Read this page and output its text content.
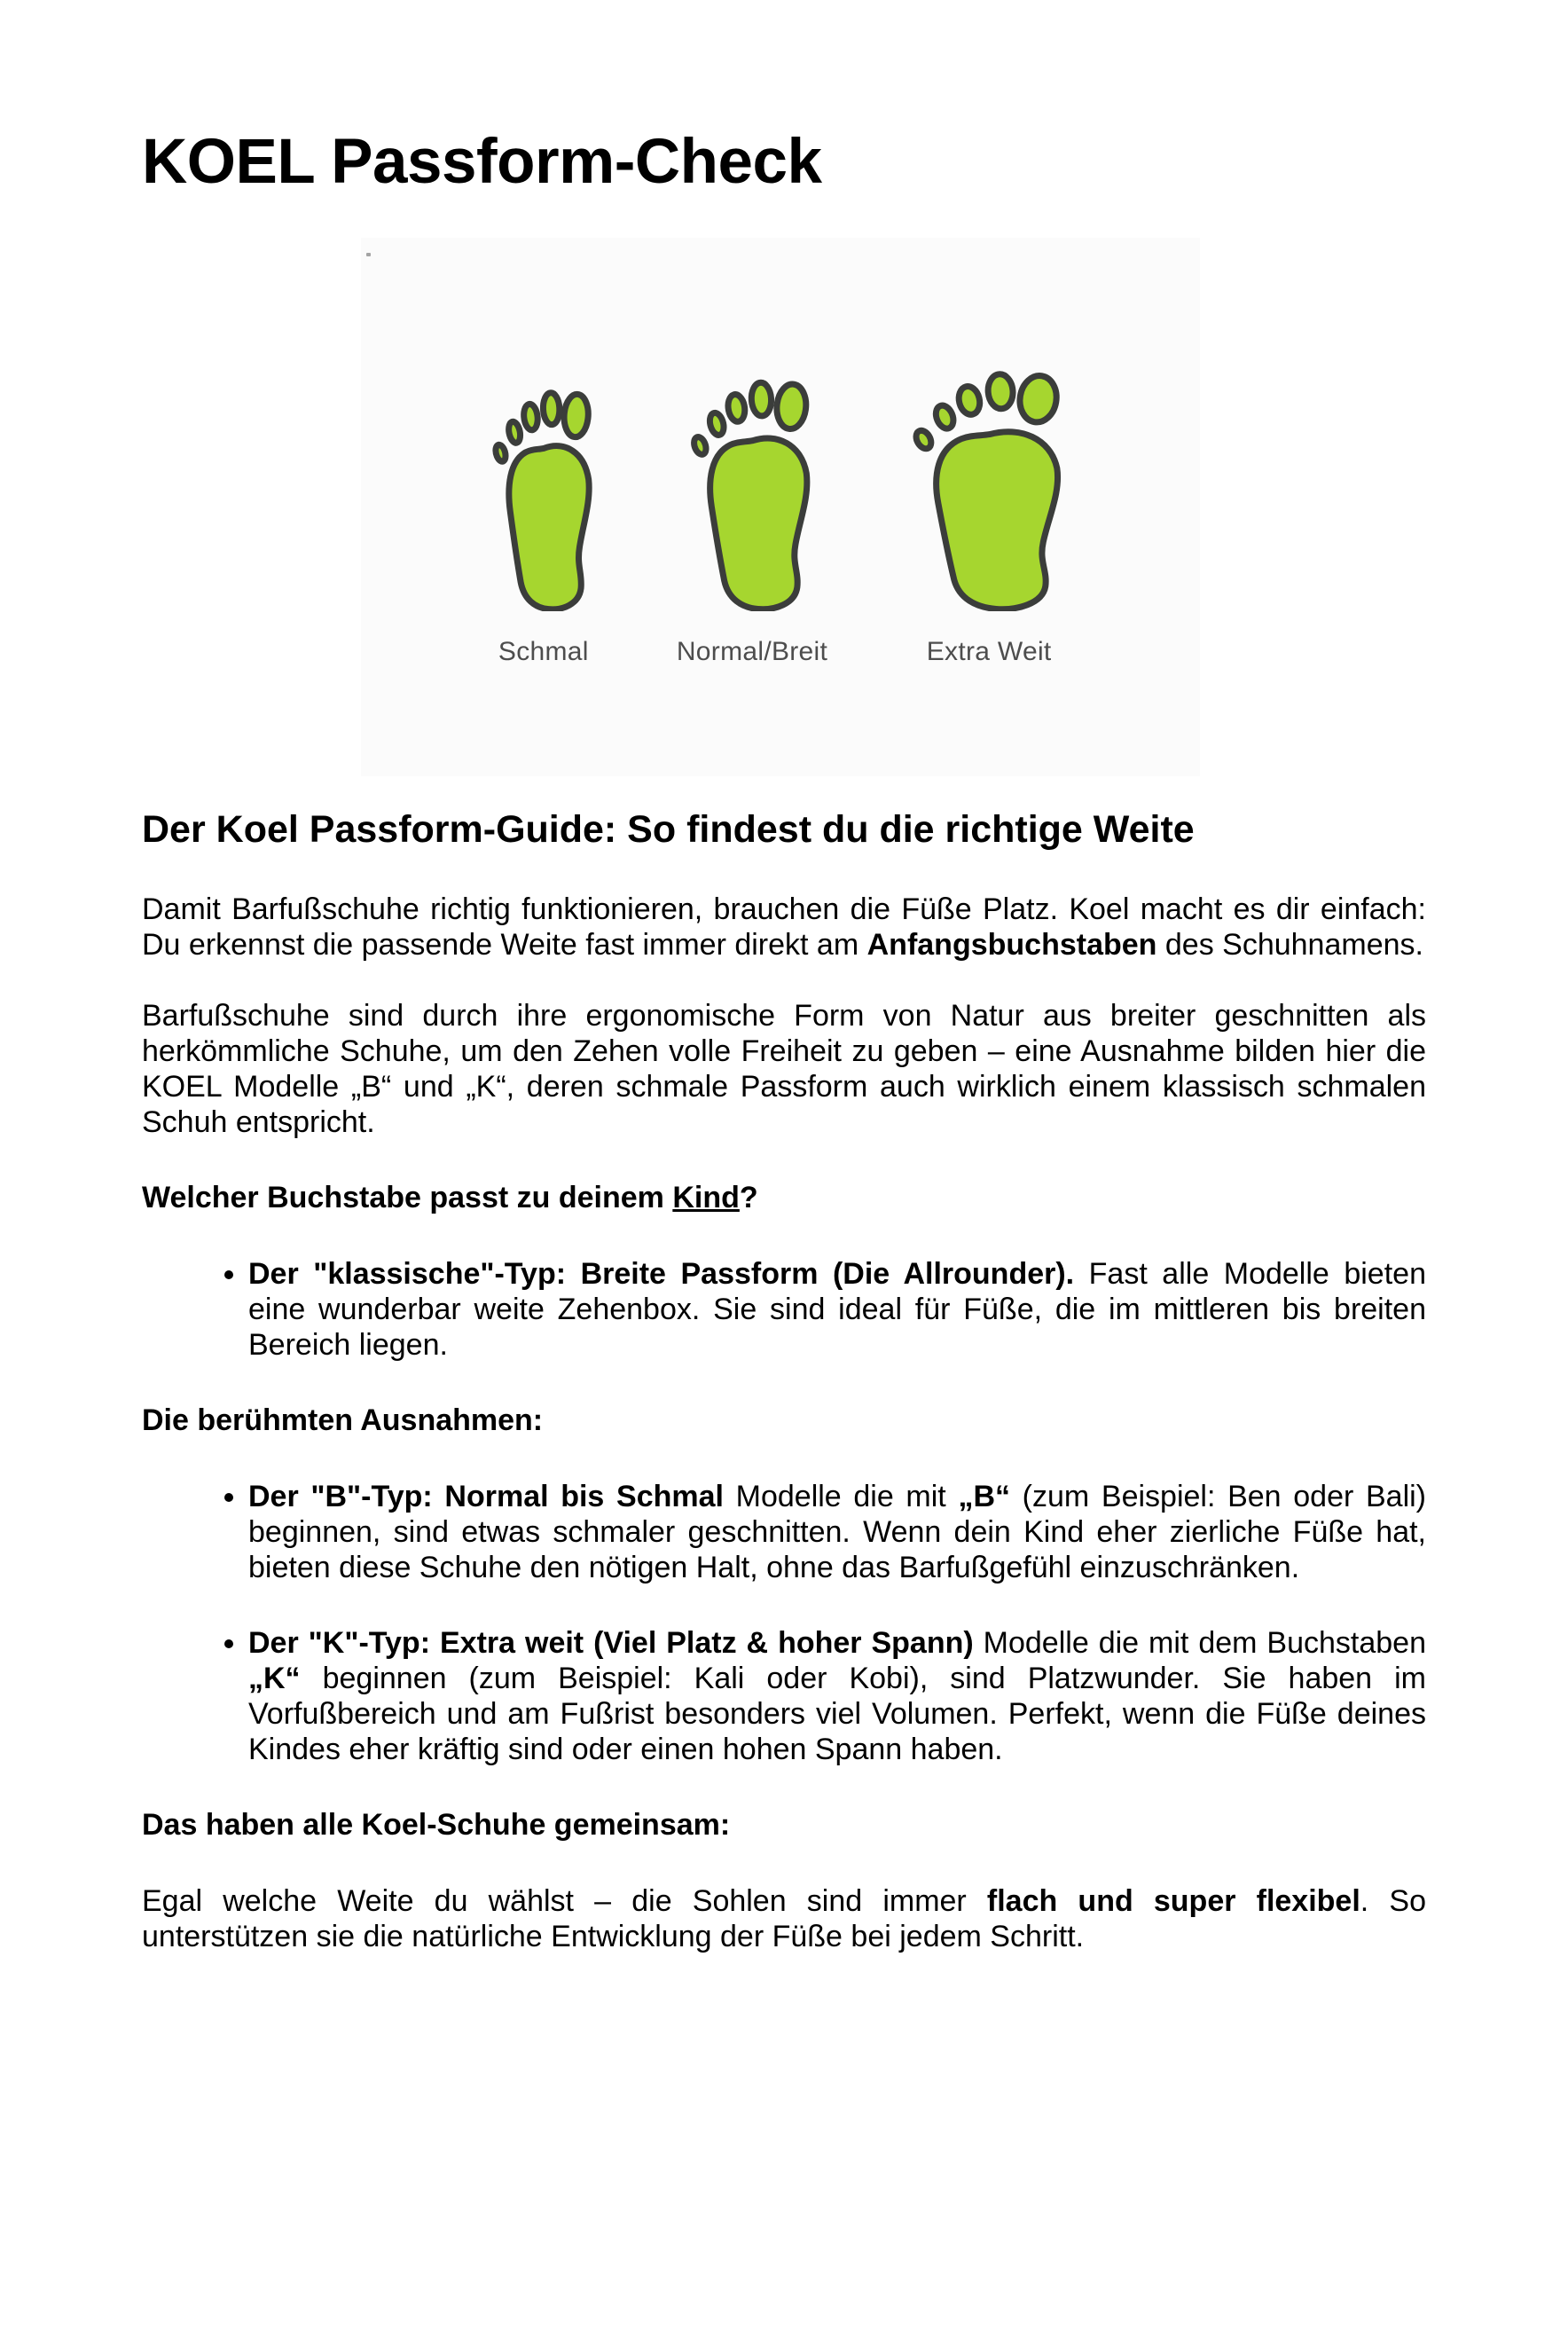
KOEL Passform-Check
Schmal	Normal/Breit	Extra Weit
Der Koel Passform-Guide: So findest du die richtige Weite

Damit Barfußschuhe richtig funktionieren, brauchen die Füße Platz. Koel macht es dir einfach: Du erkennst die passende Weite fast immer direkt am Anfangsbuchstaben des Schuhnamens.

Barfußschuhe sind durch ihre ergonomische Form von Natur aus breiter geschnitten als herkömmliche Schuhe, um den Zehen volle Freiheit zu geben – eine Ausnahme bilden hier die KOEL Modelle „B“ und „K“, deren schmale Passform auch wirklich einem klassisch schmalen Schuh entspricht.

Welcher Buchstabe passt zu deinem Kind?
• Der "klassische"-Typ: Breite Passform (Die Allrounder). Fast alle Modelle bieten eine wunderbar weite Zehenbox. Sie sind ideal für Füße, die im mittleren bis breiten Bereich liegen.
Die berühmten Ausnahmen:
• Der "B"-Typ: Normal bis Schmal Modelle die mit „B“ (zum Beispiel: Ben oder Bali) beginnen, sind etwas schmaler geschnitten. Wenn dein Kind eher zierliche Füße hat, bieten diese Schuhe den nötigen Halt, ohne das Barfußgefühl einzuschränken.
• Der "K"-Typ: Extra weit (Viel Platz & hoher Spann) Modelle die mit dem Buchstaben „K“ beginnen (zum Beispiel: Kali oder Kobi), sind Platzwunder. Sie haben im Vorfußbereich und am Fußrist besonders viel Volumen. Perfekt, wenn die Füße deines Kindes eher kräftig sind oder einen hohen Spann haben.
Das haben alle Koel-Schuhe gemeinsam:

Egal welche Weite du wählst – die Sohlen sind immer flach und super flexibel. So unterstützen sie die natürliche Entwicklung der Füße bei jedem Schritt.
